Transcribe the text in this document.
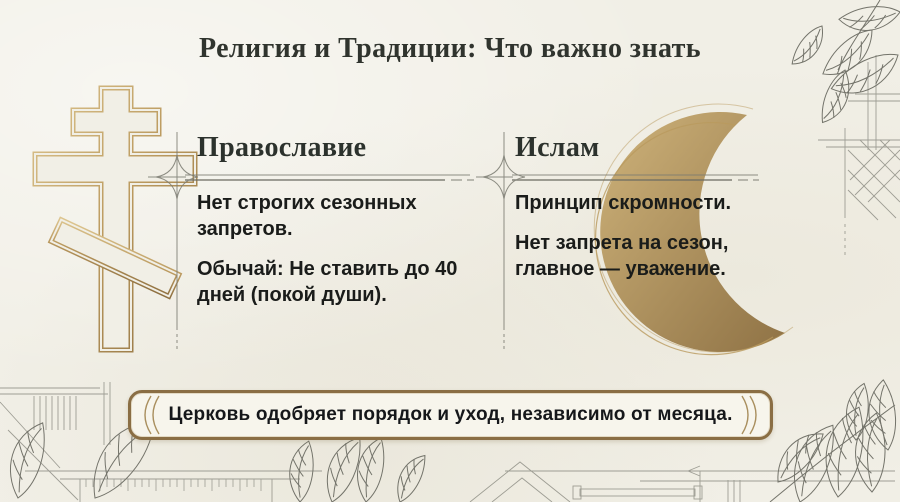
Религия и Традиции: Что важно знать
Православие

Нет строгих сезонных запретов.

Обычай: Не ставить до 40 дней (покой души).

Ислам

Принцип скромности.

Нет запрета на сезон, главное — уважение.

Церковь одобряет порядок и уход, независимо от месяца.
